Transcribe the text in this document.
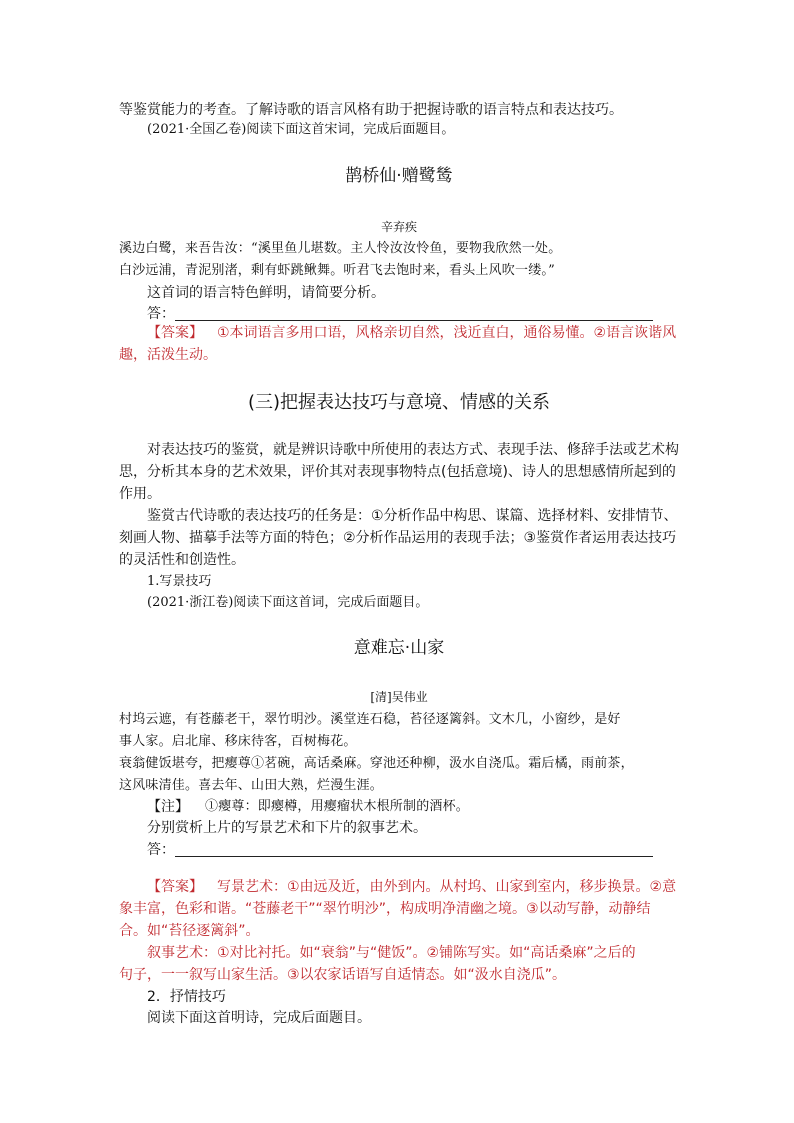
等鉴赏能力的考查。了解诗歌的语言风格有助于把握诗歌的语言特点和表达技巧。
(2021·全国乙卷)阅读下面这首宋词，完成后面题目。
鹊桥仙·赠鹭鸶
辛弃疾
溪边白鹭，来吾告汝：“溪里鱼儿堪数。主人怜汝汝怜鱼，要物我欣然一处。
白沙远浦，青泥别渚，剩有虾跳鳅舞。听君飞去饱时来，看头上风吹一缕。”
这首词的语言特色鲜明，请简要分析。
答：
【答案】 ①本词语言多用口语，风格亲切自然，浅近直白，通俗易懂。②语言诙谐风
趣，活泼生动。
(三)把握表达技巧与意境、情感的关系
对表达技巧的鉴赏，就是辨识诗歌中所使用的表达方式、表现手法、修辞手法或艺术构
思，分析其本身的艺术效果，评价其对表现事物特点(包括意境)、诗人的思想感情所起到的
作用。
鉴赏古代诗歌的表达技巧的任务是：①分析作品中构思、谋篇、选择材料、安排情节、
刻画人物、描摹手法等方面的特色；②分析作品运用的表现手法；③鉴赏作者运用表达技巧
的灵活性和创造性。
1.写景技巧
(2021·浙江卷)阅读下面这首词，完成后面题目。
意难忘·山家
[清]吴伟业
村坞云遮，有苍藤老干，翠竹明沙。溪堂连石稳，苔径逐篱斜。文木几，小窗纱，是好
事人家。启北扉、移床待客，百树梅花。
衰翁健饭堪夸，把瘿尊①茗碗，高话桑麻。穿池还种柳，汲水自浇瓜。霜后橘，雨前茶，
这风味清佳。喜去年、山田大熟，烂漫生涯。
【注】 ①瘿尊：即瘿樽，用瘿瘤状木根所制的酒杯。
分别赏析上片的写景艺术和下片的叙事艺术。
答：
【答案】 写景艺术：①由远及近，由外到内。从村坞、山家到室内，移步换景。②意
象丰富，色彩和谐。“苍藤老干”“翠竹明沙”，构成明净清幽之境。③以动写静，动静结
合。如“苔径逐篱斜”。
叙事艺术：①对比衬托。如“衰翁”与“健饭”。②铺陈写实。如“高话桑麻”之后的
句子，一一叙写山家生活。③以农家话语写自适情态。如“汲水自浇瓜”。
2．抒情技巧
阅读下面这首明诗，完成后面题目。
